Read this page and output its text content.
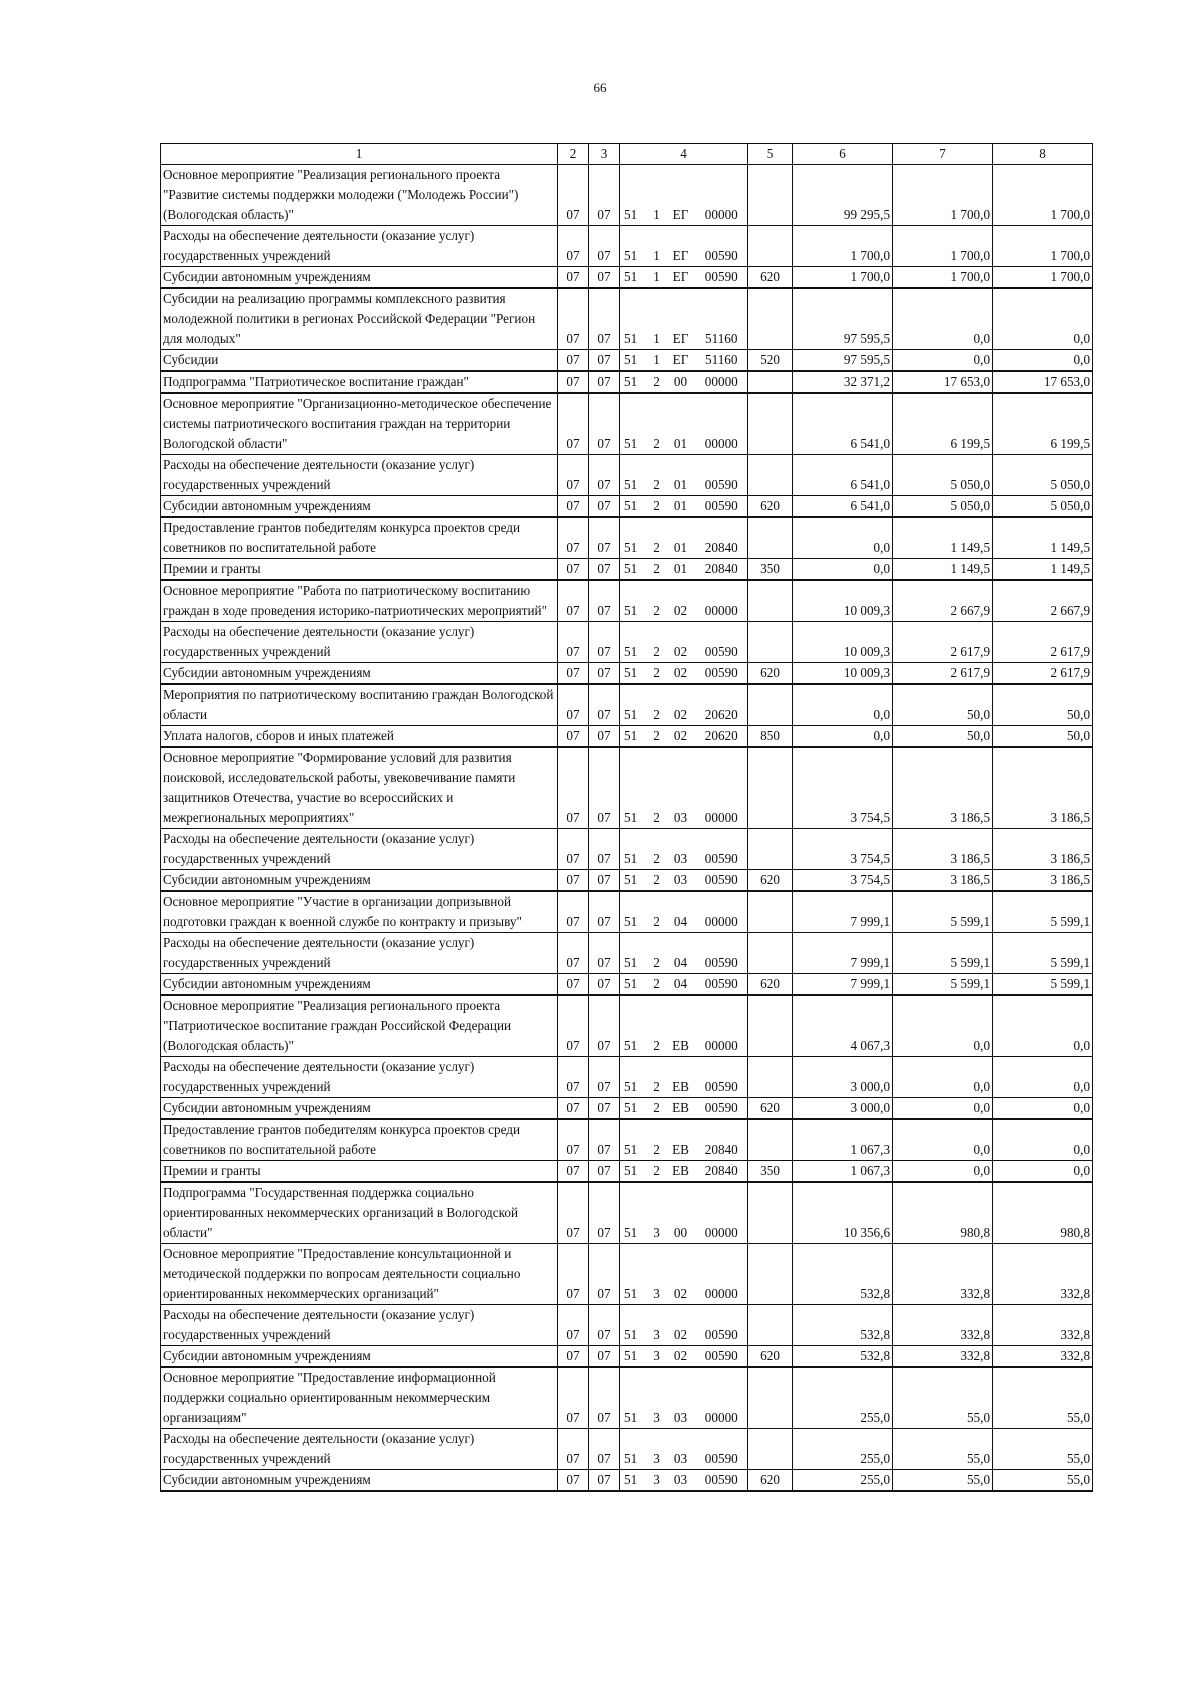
66
1	2	3	4				5	6	7	8
Основное мероприятие "Реализация регионального проекта "Развитие системы поддержки молодежи ("Молодежь России") (Вологодская область)"	07	07	51	1	ЕГ	00000		99 295,5	1 700,0	1 700,0
Расходы на обеспечение деятельности (оказание услуг) государственных учреждений	07	07	51	1	ЕГ	00590		1 700,0	1 700,0	1 700,0
Субсидии автономным учреждениям	07	07	51	1	ЕГ	00590	620	1 700,0	1 700,0	1 700,0
Субсидии на реализацию программы комплексного развития молодежной политики в регионах Российской Федерации "Регион для молодых"	07	07	51	1	ЕГ	51160		97 595,5	0,0	0,0
Субсидии	07	07	51	1	ЕГ	51160	520	97 595,5	0,0	0,0
Подпрограмма "Патриотическое воспитание граждан"	07	07	51	2	00	00000		32 371,2	17 653,0	17 653,0
Основное мероприятие "Организационно-методическое обеспечение системы патриотического воспитания граждан на территории Вологодской области"	07	07	51	2	01	00000		6 541,0	6 199,5	6 199,5
Расходы на обеспечение деятельности (оказание услуг) государственных учреждений	07	07	51	2	01	00590		6 541,0	5 050,0	5 050,0
Субсидии автономным учреждениям	07	07	51	2	01	00590	620	6 541,0	5 050,0	5 050,0
Предоставление грантов победителям конкурса проектов среди советников по воспитательной работе	07	07	51	2	01	20840		0,0	1 149,5	1 149,5
Премии и гранты	07	07	51	2	01	20840	350	0,0	1 149,5	1 149,5
Основное мероприятие "Работа по патриотическому воспитанию граждан в ходе проведения историко-патриотических мероприятий"	07	07	51	2	02	00000		10 009,3	2 667,9	2 667,9
Расходы на обеспечение деятельности (оказание услуг) государственных учреждений	07	07	51	2	02	00590		10 009,3	2 617,9	2 617,9
Субсидии автономным учреждениям	07	07	51	2	02	00590	620	10 009,3	2 617,9	2 617,9
Мероприятия по патриотическому воспитанию граждан Вологодской области	07	07	51	2	02	20620		0,0	50,0	50,0
Уплата налогов, сборов и иных платежей	07	07	51	2	02	20620	850	0,0	50,0	50,0
Основное мероприятие "Формирование условий для развития поисковой, исследовательской работы, увековечивание памяти защитников Отечества, участие во всероссийских и межрегиональных мероприятиях"	07	07	51	2	03	00000		3 754,5	3 186,5	3 186,5
Расходы на обеспечение деятельности (оказание услуг) государственных учреждений	07	07	51	2	03	00590		3 754,5	3 186,5	3 186,5
Субсидии автономным учреждениям	07	07	51	2	03	00590	620	3 754,5	3 186,5	3 186,5
Основное мероприятие "Участие в организации допризывной подготовки граждан к военной службе по контракту и призыву"	07	07	51	2	04	00000		7 999,1	5 599,1	5 599,1
Расходы на обеспечение деятельности (оказание услуг) государственных учреждений	07	07	51	2	04	00590		7 999,1	5 599,1	5 599,1
Субсидии автономным учреждениям	07	07	51	2	04	00590	620	7 999,1	5 599,1	5 599,1
Основное мероприятие "Реализация регионального проекта "Патриотическое воспитание граждан Российской Федерации (Вологодская область)"	07	07	51	2	ЕВ	00000		4 067,3	0,0	0,0
Расходы на обеспечение деятельности (оказание услуг) государственных учреждений	07	07	51	2	ЕВ	00590		3 000,0	0,0	0,0
Субсидии автономным учреждениям	07	07	51	2	ЕВ	00590	620	3 000,0	0,0	0,0
Предоставление грантов победителям конкурса проектов среди советников по воспитательной работе	07	07	51	2	ЕВ	20840		1 067,3	0,0	0,0
Премии и гранты	07	07	51	2	ЕВ	20840	350	1 067,3	0,0	0,0
Подпрограмма "Государственная поддержка социально ориентированных некоммерческих организаций в Вологодской области"	07	07	51	3	00	00000		10 356,6	980,8	980,8
Основное мероприятие "Предоставление консультационной и методической поддержки по вопросам деятельности социально ориентированных некоммерческих организаций"	07	07	51	3	02	00000		532,8	332,8	332,8
Расходы на обеспечение деятельности (оказание услуг) государственных учреждений	07	07	51	3	02	00590		532,8	332,8	332,8
Субсидии автономным учреждениям	07	07	51	3	02	00590	620	532,8	332,8	332,8
Основное мероприятие "Предоставление информационной поддержки социально ориентированным некоммерческим организациям"	07	07	51	3	03	00000		255,0	55,0	55,0
Расходы на обеспечение деятельности (оказание услуг) государственных учреждений	07	07	51	3	03	00590		255,0	55,0	55,0
Субсидии автономным учреждениям	07	07	51	3	03	00590	620	255,0	55,0	55,0
